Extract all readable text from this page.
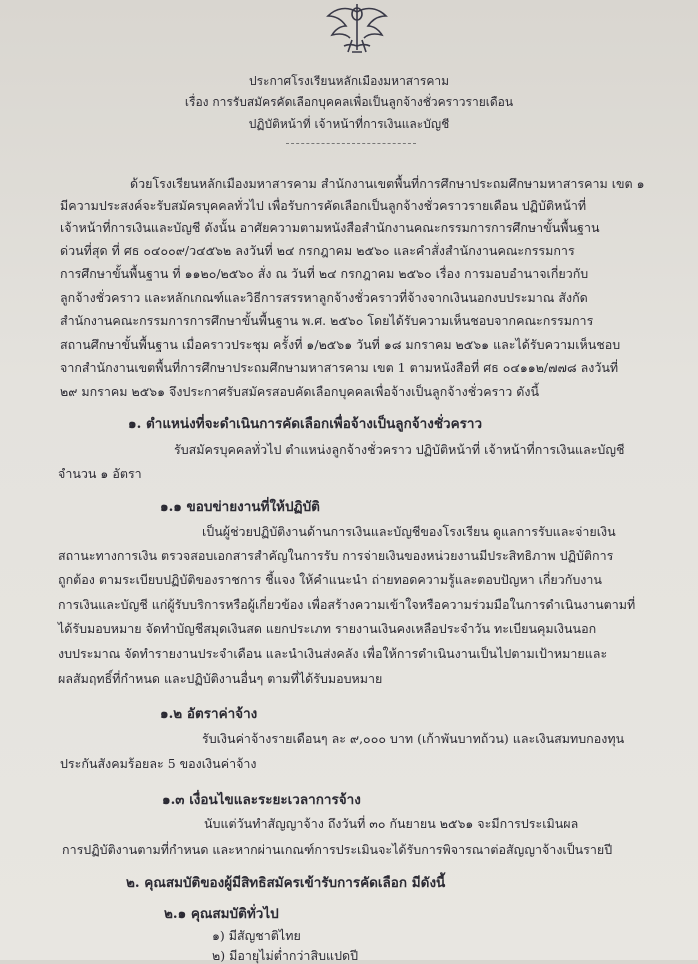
ประกาศโรงเรียนหลักเมืองมหาสารคาม
เรื่อง การรับสมัครคัดเลือกบุคคลเพื่อเป็นลูกจ้างชั่วคราวรายเดือน
ปฏิบัติหน้าที่ เจ้าหน้าที่การเงินและบัญชี
ด้วยโรงเรียนหลักเมืองมหาสารคาม สำนักงานเขตพื้นที่การศึกษาประถมศึกษามหาสารคาม เขต ๑
มีความประสงค์จะรับสมัครบุคคลทั่วไป เพื่อรับการคัดเลือกเป็นลูกจ้างชั่วคราวรายเดือน ปฏิบัติหน้าที่
เจ้าหน้าที่การเงินและบัญชี ดังนั้น อาศัยความตามหนังสือสำนักงานคณะกรรมการการศึกษาขั้นพื้นฐาน
ด่วนที่สุด ที่ ศธ ๐๔๐๐๙/ว๔๕๖๒ ลงวันที่ ๒๔ กรกฎาคม ๒๕๖๐ และคำสั่งสำนักงานคณะกรรมการ
การศึกษาขั้นพื้นฐาน ที่ ๑๑๒๐/๒๕๖๐ สั่ง ณ วันที่ ๒๔ กรกฎาคม ๒๕๖๐ เรื่อง การมอบอำนาจเกี่ยวกับ
ลูกจ้างชั่วคราว และหลักเกณฑ์และวิธีการสรรหาลูกจ้างชั่วคราวที่จ้างจากเงินนอกงบประมาณ สังกัด
สำนักงานคณะกรรมการการศึกษาขั้นพื้นฐาน พ.ศ. ๒๕๖๐ โดยได้รับความเห็นชอบจากคณะกรรมการ
สถานศึกษาขั้นพื้นฐาน เมื่อคราวประชุม ครั้งที่ ๑/๒๕๖๑ วันที่ ๑๘ มกราคม ๒๕๖๑ และได้รับความเห็นชอบ
จากสำนักงานเขตพื้นที่การศึกษาประถมศึกษามหาสารคาม เขต 1 ตามหนังสือที่ ศธ ๐๔๑๑๒/๗๗๘ ลงวันที่
๒๙ มกราคม ๒๕๖๑ จึงประกาศรับสมัครสอบคัดเลือกบุคคลเพื่อจ้างเป็นลูกจ้างชั่วคราว ดังนี้
๑. ตำแหน่งที่จะดำเนินการคัดเลือกเพื่อจ้างเป็นลูกจ้างชั่วคราว
รับสมัครบุคคลทั่วไป ตำแหน่งลูกจ้างชั่วคราว ปฏิบัติหน้าที่ เจ้าหน้าที่การเงินและบัญชี
จำนวน ๑ อัตรา
๑.๑ ขอบข่ายงานที่ให้ปฏิบัติ
เป็นผู้ช่วยปฏิบัติงานด้านการเงินและบัญชีของโรงเรียน ดูแลการรับและจ่ายเงิน
สถานะทางการเงิน ตรวจสอบเอกสารสำคัญในการรับ การจ่ายเงินของหน่วยงานมีประสิทธิภาพ ปฏิบัติการ
ถูกต้อง ตามระเบียบปฏิบัติของราชการ ชี้แจง ให้คำแนะนำ ถ่ายทอดความรู้และตอบปัญหา เกี่ยวกับงาน
การเงินและบัญชี แก่ผู้รับบริการหรือผู้เกี่ยวข้อง เพื่อสร้างความเข้าใจหรือความร่วมมือในการดำเนินงานตามที่
ได้รับมอบหมาย จัดทำบัญชีสมุดเงินสด แยกประเภท รายงานเงินคงเหลือประจำวัน ทะเบียนคุมเงินนอก
งบประมาณ จัดทำรายงานประจำเดือน และนำเงินส่งคลัง เพื่อให้การดำเนินงานเป็นไปตามเป้าหมายและ
ผลสัมฤทธิ์ที่กำหนด และปฏิบัติงานอื่นๆ ตามที่ได้รับมอบหมาย
๑.๒ อัตราค่าจ้าง
รับเงินค่าจ้างรายเดือนๆ ละ ๙,๐๐๐ บาท (เก้าพันบาทถ้วน) และเงินสมทบกองทุน
ประกันสังคมร้อยละ 5 ของเงินค่าจ้าง
๑.๓ เงื่อนไขและระยะเวลาการจ้าง
นับแต่วันทำสัญญาจ้าง ถึงวันที่ ๓๐ กันยายน ๒๕๖๑ จะมีการประเมินผล
การปฏิบัติงานตามที่กำหนด และหากผ่านเกณฑ์การประเมินจะได้รับการพิจารณาต่อสัญญาจ้างเป็นรายปี
๒. คุณสมบัติของผู้มีสิทธิสมัครเข้ารับการคัดเลือก มีดังนี้
๒.๑ คุณสมบัติทั่วไป
๑) มีสัญชาติไทย
๒) มีอายุไม่ต่ำกว่าสิบแปดปี
